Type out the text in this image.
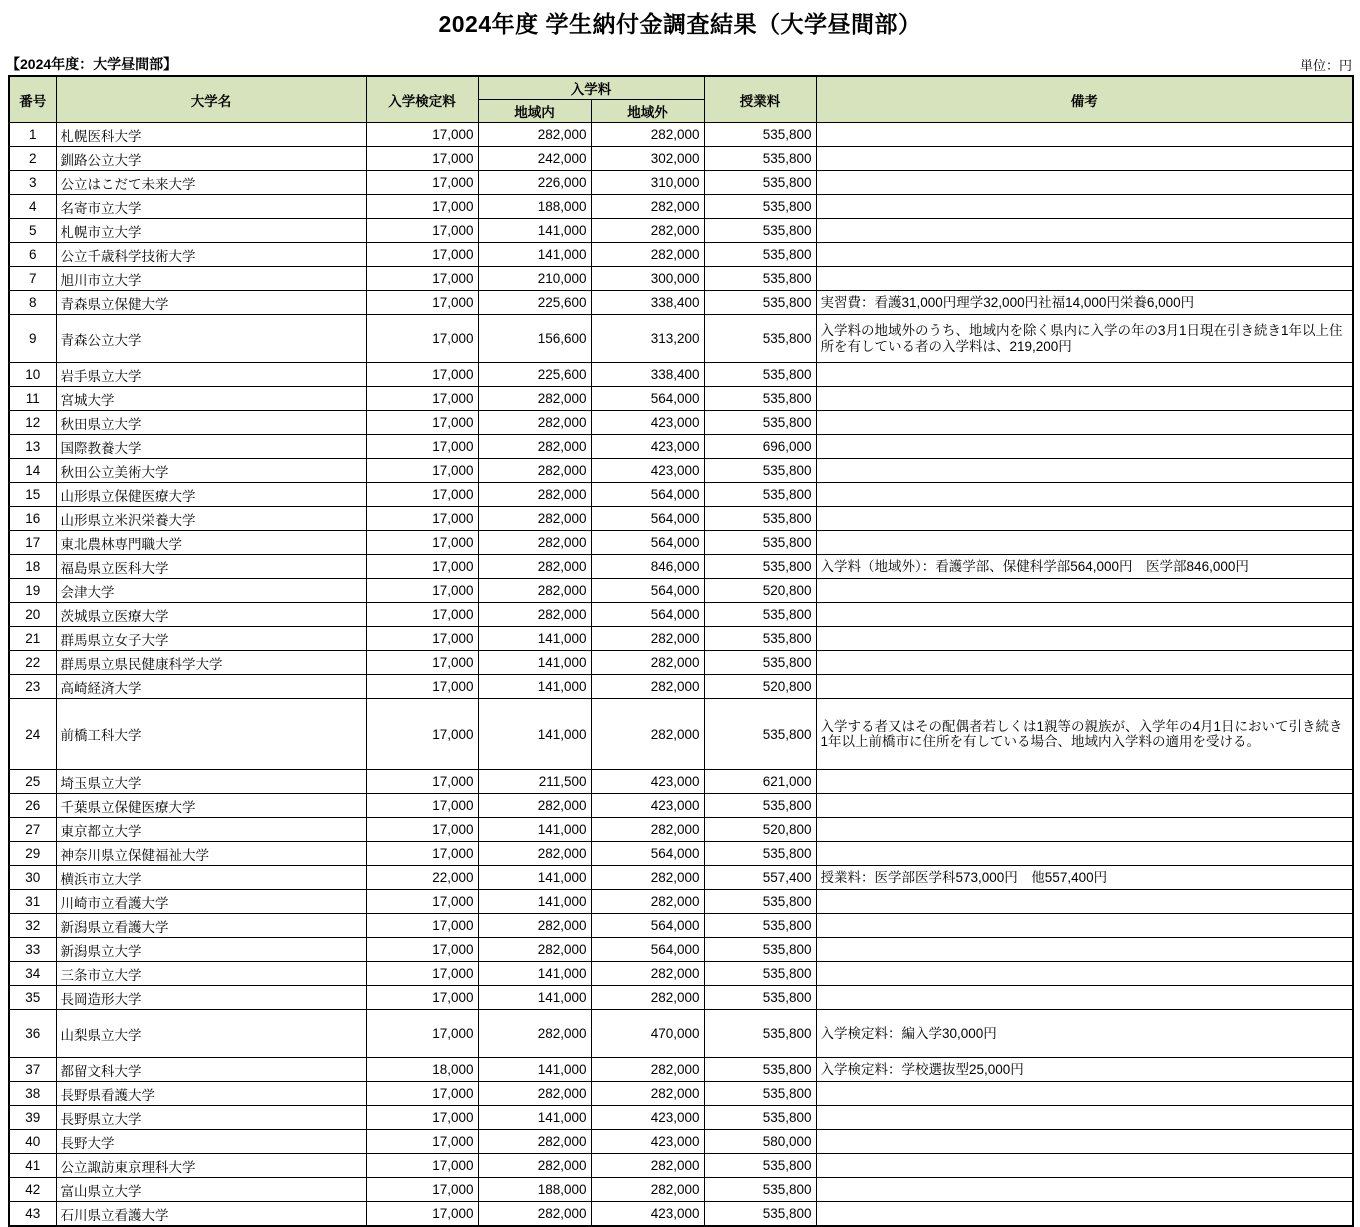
2024年度 学生納付金調査結果（大学昼間部）
【2024年度：大学昼間部】	単位：円
番号	大学名	入学検定料	入学料		授業料	備考
			地域内	地域外		
1	札幌医科大学	17,000	282,000	282,000	535,800	
2	釧路公立大学	17,000	242,000	302,000	535,800	
3	公立はこだて未来大学	17,000	226,000	310,000	535,800	
4	名寄市立大学	17,000	188,000	282,000	535,800	
5	札幌市立大学	17,000	141,000	282,000	535,800	
6	公立千歳科学技術大学	17,000	141,000	282,000	535,800	
7	旭川市立大学	17,000	210,000	300,000	535,800	
8	青森県立保健大学	17,000	225,600	338,400	535,800	実習費：看護31,000円理学32,000円社福14,000円栄養6,000円
9	青森公立大学	17,000	156,600	313,200	535,800	入学料の地域外のうち、地域内を除く県内に入学の年の3月1日現在引き続き1年以上住所を有している者の入学料は、219,200円
10	岩手県立大学	17,000	225,600	338,400	535,800	
11	宮城大学	17,000	282,000	564,000	535,800	
12	秋田県立大学	17,000	282,000	423,000	535,800	
13	国際教養大学	17,000	282,000	423,000	696,000	
14	秋田公立美術大学	17,000	282,000	423,000	535,800	
15	山形県立保健医療大学	17,000	282,000	564,000	535,800	
16	山形県立米沢栄養大学	17,000	282,000	564,000	535,800	
17	東北農林専門職大学	17,000	282,000	564,000	535,800	
18	福島県立医科大学	17,000	282,000	846,000	535,800	入学料（地域外）：看護学部、保健科学部564,000円　医学部846,000円
19	会津大学	17,000	282,000	564,000	520,800	
20	茨城県立医療大学	17,000	282,000	564,000	535,800	
21	群馬県立女子大学	17,000	141,000	282,000	535,800	
22	群馬県立県民健康科学大学	17,000	141,000	282,000	535,800	
23	高崎経済大学	17,000	141,000	282,000	520,800	
24	前橋工科大学	17,000	141,000	282,000	535,800	入学する者又はその配偶者若しくは1親等の親族が、入学年の4月1日において引き続き1年以上前橋市に住所を有している場合、地域内入学料の適用を受ける。
25	埼玉県立大学	17,000	211,500	423,000	621,000	
26	千葉県立保健医療大学	17,000	282,000	423,000	535,800	
27	東京都立大学	17,000	141,000	282,000	520,800	
29	神奈川県立保健福祉大学	17,000	282,000	564,000	535,800	
30	横浜市立大学	22,000	141,000	282,000	557,400	授業料：医学部医学科573,000円　他557,400円
31	川崎市立看護大学	17,000	141,000	282,000	535,800	
32	新潟県立看護大学	17,000	282,000	564,000	535,800	
33	新潟県立大学	17,000	282,000	564,000	535,800	
34	三条市立大学	17,000	141,000	282,000	535,800	
35	長岡造形大学	17,000	141,000	282,000	535,800	
36	山梨県立大学	17,000	282,000	470,000	535,800	入学検定料：編入学30,000円
37	都留文科大学	18,000	141,000	282,000	535,800	入学検定料：学校選抜型25,000円
38	長野県看護大学	17,000	282,000	282,000	535,800	
39	長野県立大学	17,000	141,000	423,000	535,800	
40	長野大学	17,000	282,000	423,000	580,000	
41	公立諏訪東京理科大学	17,000	282,000	282,000	535,800	
42	富山県立大学	17,000	188,000	282,000	535,800	
43	石川県立看護大学	17,000	282,000	423,000	535,800	
